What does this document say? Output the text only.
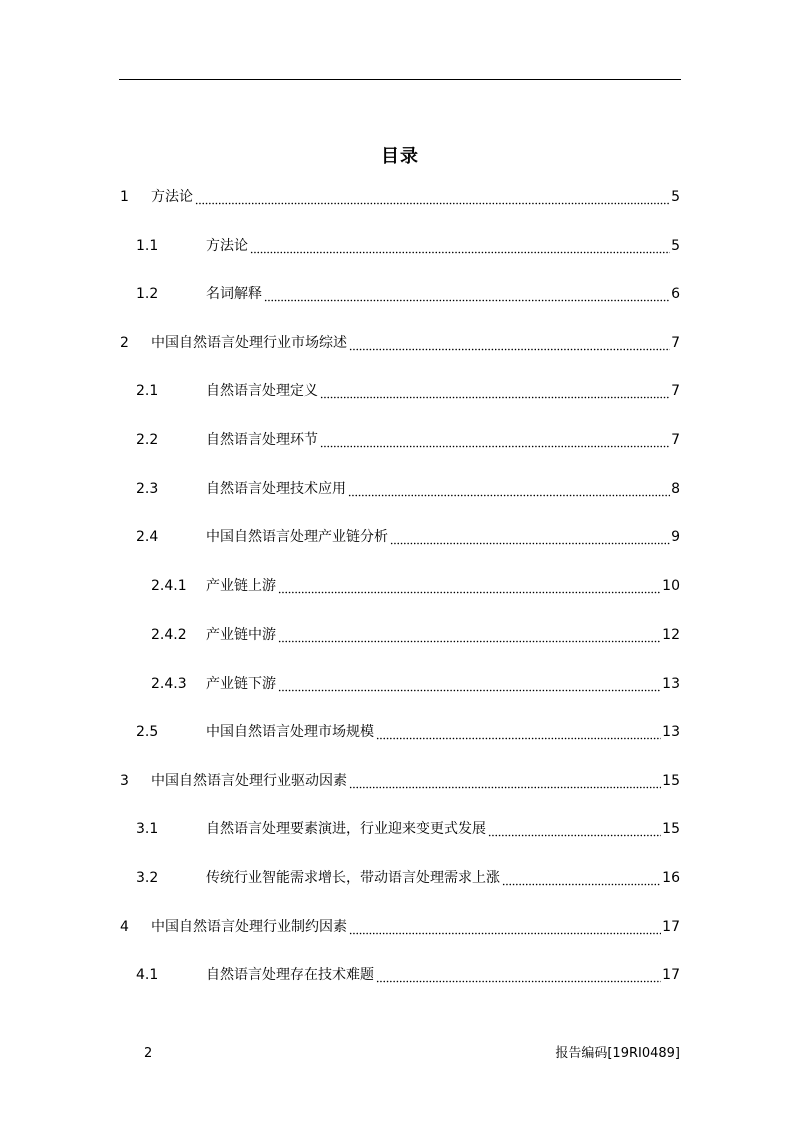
目录
1 方法论	5
1.1	方法论	5
1.2	名词解释	6
2 中国自然语言处理行业市场综述	7
2.1	自然语言处理定义	7
2.2	自然语言处理环节	7
2.3	自然语言处理技术应用	8
2.4	中国自然语言处理产业链分析	9
2.4.1 产业链上游	10
2.4.2 产业链中游	12
2.4.3 产业链下游	13
2.5	中国自然语言处理市场规模	13
3 中国自然语言处理行业驱动因素	15
3.1	自然语言处理要素演进，行业迎来变更式发展	15
3.2	传统行业智能需求增长，带动语言处理需求上涨	16
4 中国自然语言处理行业制约因素	17
4.1	自然语言处理存在技术难题	17
2	报告编码[19RI0489]
